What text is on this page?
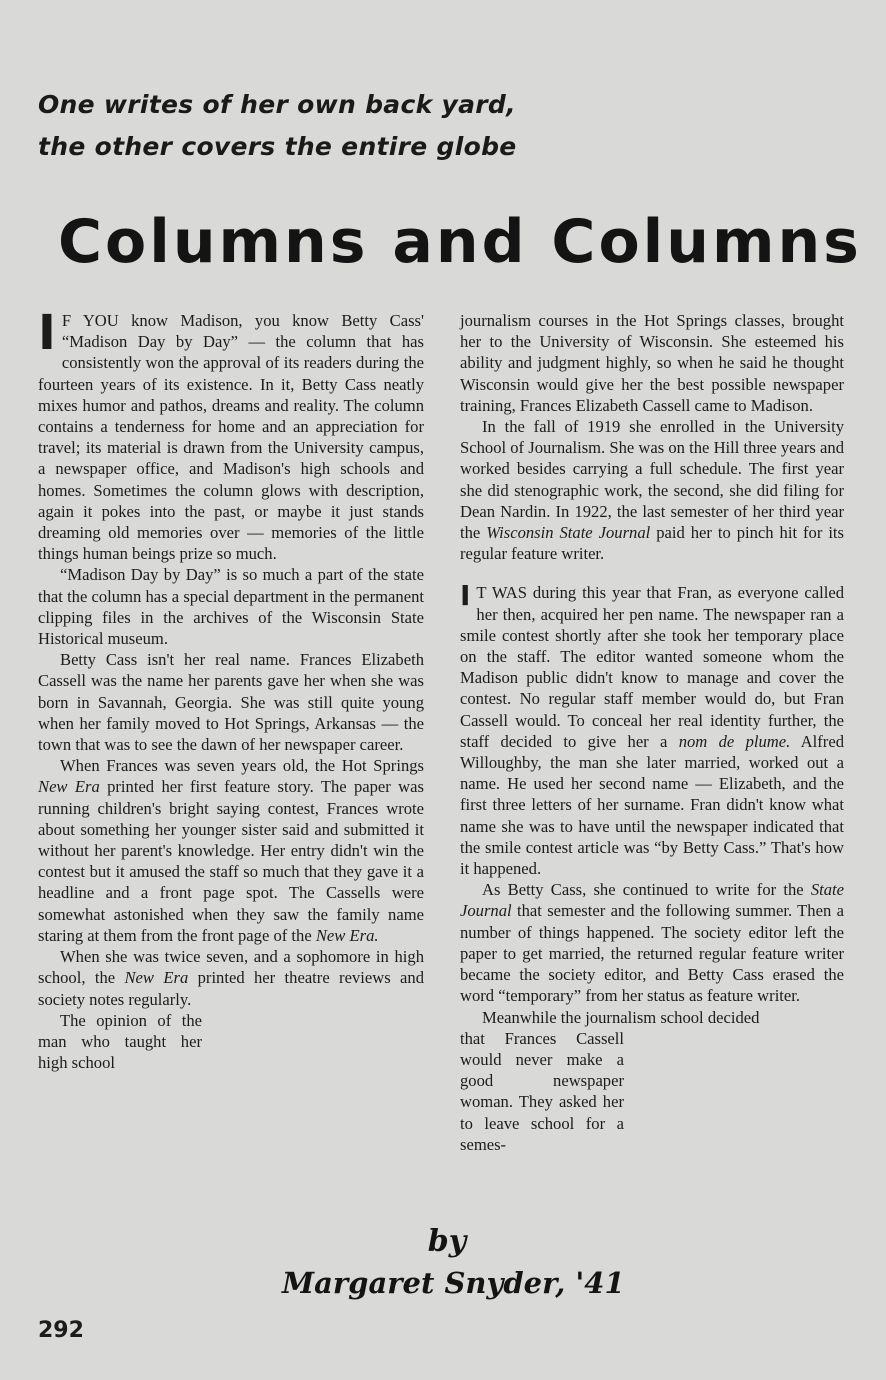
One writes of her own back yard,
the other covers the entire globe
Columns and Columns

I F YOU know Madison, you know Betty Cass' “Madison Day by Day” — the column that has consistently won the approval of its readers during the fourteen years of its existence. In it, Betty Cass neatly mixes humor and pathos, dreams and reality. The column contains a tenderness for home and an appreciation for travel; its material is drawn from the University campus, a newspaper office, and Madison's high schools and homes. Sometimes the column glows with description, again it pokes into the past, or maybe it just stands dreaming old memories over — memories of the little things human beings prize so much.

“Madison Day by Day” is so much a part of the state that the column has a special department in the permanent clipping files in the archives of the Wisconsin State Historical museum.

Betty Cass isn't her real name. Frances Elizabeth Cassell was the name her parents gave her when she was born in Savannah, Georgia. She was still quite young when her family moved to Hot Springs, Arkansas — the town that was to see the dawn of her newspaper career.

When Frances was seven years old, the Hot Springs New Era printed her first feature story. The paper was running children's bright saying contest, Frances wrote about something her younger sister said and submitted it without her parent's knowledge. Her entry didn't win the contest but it amused the staff so much that they gave it a headline and a front page spot. The Cassells were somewhat astonished when they saw the family name staring at them from the front page of the New Era.

When she was twice seven, and a sophomore in high school, the New Era printed her theatre reviews and society notes regularly.

The opinion of the man who taught her high school

journalism courses in the Hot Springs classes, brought her to the University of Wisconsin. She esteemed his ability and judgment highly, so when he said he thought Wisconsin would give her the best possible newspaper training, Frances Elizabeth Cassell came to Madison.

In the fall of 1919 she enrolled in the University School of Journalism. She was on the Hill three years and worked besides carrying a full schedule. The first year she did stenographic work, the second, she did filing for Dean Nardin. In 1922, the last semester of her third year the Wisconsin State Journal paid her to pinch hit for its regular feature writer.

I T WAS during this year that Fran, as everyone called her then, acquired her pen name. The newspaper ran a smile contest shortly after she took her temporary place on the staff. The editor wanted someone whom the Madison public didn't know to manage and cover the contest. No regular staff member would do, but Fran Cassell would. To conceal her real identity further, the staff decided to give her a nom de plume. Alfred Willoughby, the man she later married, worked out a name. He used her second name — Elizabeth, and the first three letters of her surname. Fran didn't know what name she was to have until the newspaper indicated that the smile contest article was “by Betty Cass.” That's how it happened.

As Betty Cass, she continued to write for the State Journal that semester and the following summer. Then a number of things happened. The society editor left the paper to get married, the returned regular feature writer became the society editor, and Betty Cass erased the word “temporary” from her status as feature writer.

Meanwhile the journalism school decided

that Frances Cassell would never make a good newspaper woman. They asked her to leave school for a semes-

by
Margaret Snyder, '41
292
